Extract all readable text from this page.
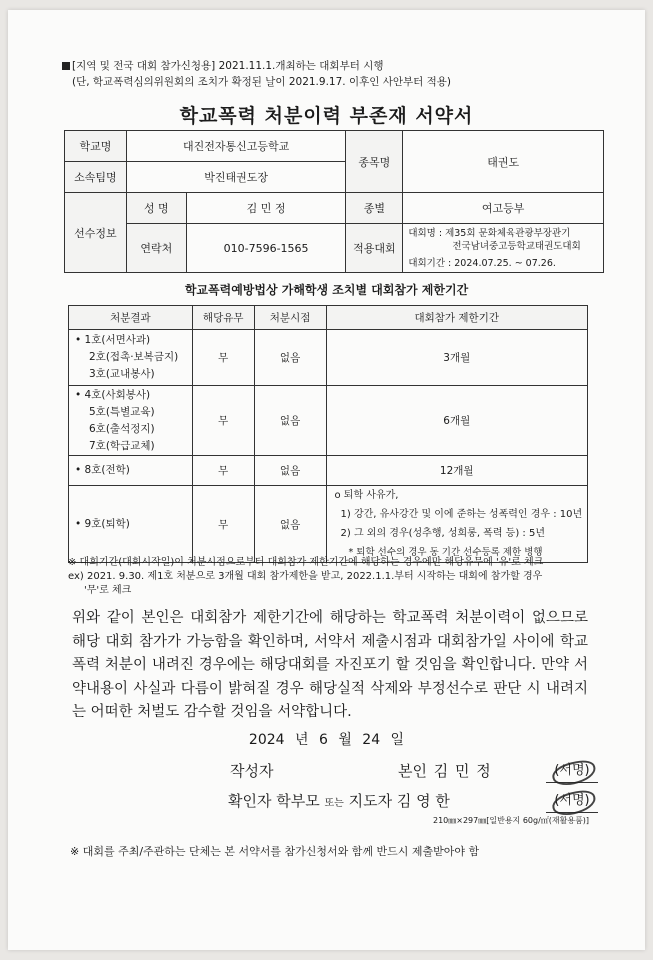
[지역 및 전국 대회 참가신청용] 2021.11.1.개최하는 대회부터 시행
(단, 학교폭력심의위원회의 조치가 확정된 날이 2021.9.17. 이후인 사안부터 적용)
학교폭력 처분이력 부존재 서약서
학교명	대진전자통신고등학교		종목명	태권도
소속팀명	박진태권도장			
선수정보	성 명	김 민 정	종별	여고등부
	연락처	010-7596-1565	적용대회	대회명 : 제35회 문화체육관광부장관기
전국남녀중고등학교태권도대회
대회기간 : 2024.07.25. ~ 07.26.
학교폭력예방법상 가해학생 조치별 대회참가 제한기간
처분결과	해당유무	처분시점	대회참가 제한기간

• 1호(서면사과)
2호(접촉·보복금지)
3호(교내봉사)	무	없음	3개월

• 4호(사회봉사)
5호(특별교육)
6호(출석정지)
7호(학급교체)	무	없음	6개월
• 8호(전학)	무	없음	12개월
• 9호(퇴학)	무	없음	o 퇴학 사유가,
1) 강간, 유사강간 및 이에 준하는 성폭력인 경우 : 10년
2) 그 외의 경우(성추행, 성희롱, 폭력 등) : 5년
* 퇴학 선수의 경우 동 기간 선수등록 제한 병행
※ 대회기간(대회시작일)이 처분시점으로부터 대회참가 제한기간에 해당하는 경우에만 해당유무에 '유'로 체크
ex) 2021. 9.30. 제1호 처분으로 3개월 대회 참가제한을 받고, 2022.1.1.부터 시작하는 대회에 참가할 경우
'무'로 체크
위와 같이 본인은 대회참가 제한기간에 해당하는 학교폭력 처분이력이 없으므로 해당 대회 참가가 가능함을 확인하며, 서약서 제출시점과 대회참가일 사이에 학교폭력 처분이 내려진 경우에는 해당대회를 자진포기 할 것임을 확인합니다. 만약 서약내용이 사실과 다름이 밝혀질 경우 해당실적 삭제와 부정선수로 판단 시 내려지는 어떠한 처벌도 감수할 것임을 서약합니다.
2024 년 6 월 24 일
작성자	본인 김 민 정	(서명)
확인자 학부모 또는 지도자 김 영 한	(서명)
210㎜×297㎜[일반용지 60g/㎡(재활용품)]
※ 대회를 주최/주관하는 단체는 본 서약서를 참가신청서와 함께 반드시 제출받아야 함
